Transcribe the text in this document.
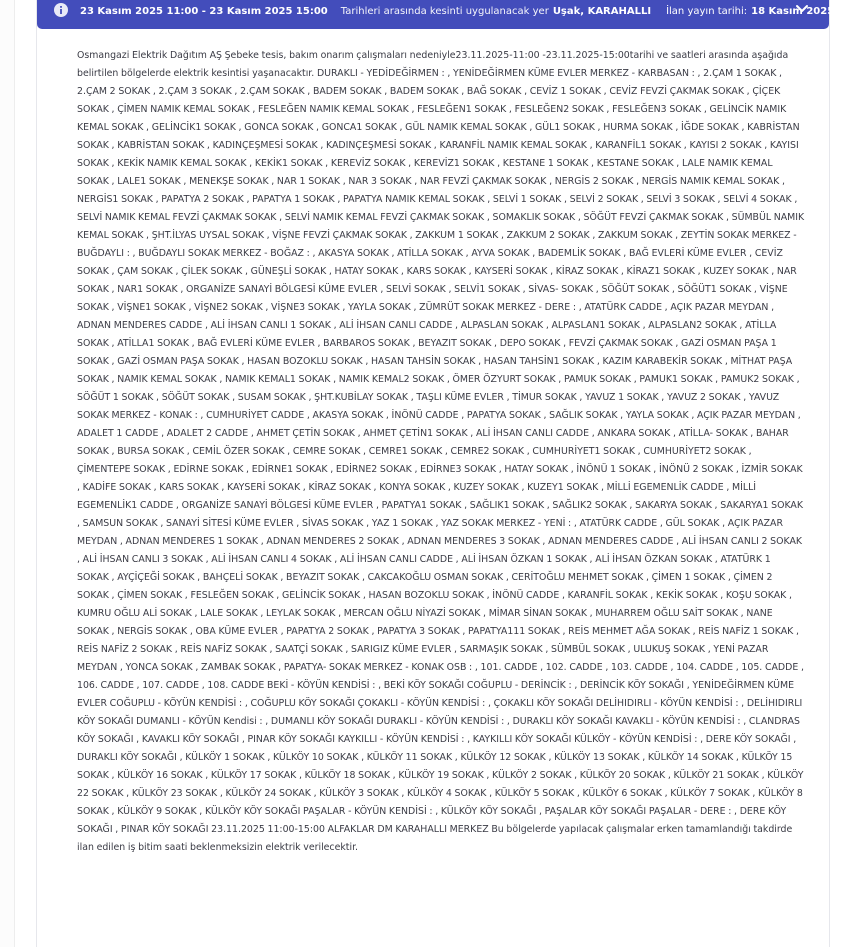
23 Kasım 2025 11:00 - 23 Kasım 2025 15:00 Tarihleri arasında kesinti uygulanacak yer Uşak, KARAHALLI İlan yayın tarihi: 18 Kasım 2025

Osmangazi Elektrik Dağıtım AŞ Şebeke tesis, bakım onarım çalışmaları nedeniyle23.11.2025-11:00 -23.11.2025-15:00tarihi ve saatleri arasında aşağıda belirtilen bölgelerde elektrik kesintisi yaşanacaktır. DURAKLI - YEDİDEĞİRMEN : , YENİDEĞİRMEN KÜME EVLER MERKEZ - KARBASAN : , 2.ÇAM 1 SOKAK , 2.ÇAM 2 SOKAK , 2.ÇAM 3 SOKAK , 2.ÇAM SOKAK , BADEM SOKAK , BADEM SOKAK , BAĞ SOKAK , CEVİZ 1 SOKAK , CEVİZ FEVZİ ÇAKMAK SOKAK , ÇİÇEK SOKAK , ÇİMEN NAMIK KEMAL SOKAK , FESLEĞEN NAMIK KEMAL SOKAK , FESLEĞEN1 SOKAK , FESLEĞEN2 SOKAK , FESLEĞEN3 SOKAK , GELİNCİK NAMIK KEMAL SOKAK , GELİNCİK1 SOKAK , GONCA SOKAK , GONCA1 SOKAK , GÜL NAMIK KEMAL SOKAK , GÜL1 SOKAK , HURMA SOKAK , İĞDE SOKAK , KABRİSTAN SOKAK , KABRİSTAN SOKAK , KADINÇEŞMESİ SOKAK , KADINÇEŞMESİ SOKAK , KARANFİL NAMIK KEMAL SOKAK , KARANFİL1 SOKAK , KAYISI 2 SOKAK , KAYISI SOKAK , KEKİK NAMIK KEMAL SOKAK , KEKİK1 SOKAK , KEREVİZ SOKAK , KEREVİZ1 SOKAK , KESTANE 1 SOKAK , KESTANE SOKAK , LALE NAMIK KEMAL SOKAK , LALE1 SOKAK , MENEKŞE SOKAK , NAR 1 SOKAK , NAR 3 SOKAK , NAR FEVZİ ÇAKMAK SOKAK , NERGİS 2 SOKAK , NERGİS NAMIK KEMAL SOKAK , NERGİS1 SOKAK , PAPATYA 2 SOKAK , PAPATYA 1 SOKAK , PAPATYA NAMIK KEMAL SOKAK , SELVİ 1 SOKAK , SELVİ 2 SOKAK , SELVİ 3 SOKAK , SELVİ 4 SOKAK , SELVİ NAMIK KEMAL FEVZİ ÇAKMAK SOKAK , SELVİ NAMIK KEMAL FEVZİ ÇAKMAK SOKAK , SOMAKLIK SOKAK , SÖĞÜT FEVZİ ÇAKMAK SOKAK , SÜMBÜL NAMIK KEMAL SOKAK , ŞHT.İLYAS UYSAL SOKAK , VİŞNE FEVZİ ÇAKMAK SOKAK , ZAKKUM 1 SOKAK , ZAKKUM 2 SOKAK , ZAKKUM SOKAK , ZEYTİN SOKAK MERKEZ - BUĞDAYLI : , BUĞDAYLI SOKAK MERKEZ - BOĞAZ : , AKASYA SOKAK , ATİLLA SOKAK , AYVA SOKAK , BADEMLİK SOKAK , BAĞ EVLERİ KÜME EVLER , CEVİZ SOKAK , ÇAM SOKAK , ÇİLEK SOKAK , GÜNEŞLİ SOKAK , HATAY SOKAK , KARS SOKAK , KAYSERİ SOKAK , KİRAZ SOKAK , KİRAZ1 SOKAK , KUZEY SOKAK , NAR SOKAK , NAR1 SOKAK , ORGANİZE SANAYİ BÖLGESİ KÜME EVLER , SELVİ SOKAK , SELVİ1 SOKAK , SİVAS- SOKAK , SÖĞÜT SOKAK , SÖĞÜT1 SOKAK , VİŞNE SOKAK , VİŞNE1 SOKAK , VİŞNE2 SOKAK , VİŞNE3 SOKAK , YAYLA SOKAK , ZÜMRÜT SOKAK MERKEZ - DERE : , ATATÜRK CADDE , AÇIK PAZAR MEYDAN , ADNAN MENDERES CADDE , ALİ İHSAN CANLI 1 SOKAK , ALİ İHSAN CANLI CADDE , ALPASLAN SOKAK , ALPASLAN1 SOKAK , ALPASLAN2 SOKAK , ATİLLA SOKAK , ATİLLA1 SOKAK , BAĞ EVLERİ KÜME EVLER , BARBAROS SOKAK , BEYAZIT SOKAK , DEPO SOKAK , FEVZİ ÇAKMAK SOKAK , GAZİ OSMAN PAŞA 1 SOKAK , GAZİ OSMAN PAŞA SOKAK , HASAN BOZOKLU SOKAK , HASAN TAHSİN SOKAK , HASAN TAHSİN1 SOKAK , KAZIM KARABEKİR SOKAK , MİTHAT PAŞA SOKAK , NAMIK KEMAL SOKAK , NAMIK KEMAL1 SOKAK , NAMIK KEMAL2 SOKAK , ÖMER ÖZYURT SOKAK , PAMUK SOKAK , PAMUK1 SOKAK , PAMUK2 SOKAK , SÖĞÜT 1 SOKAK , SÖĞÜT SOKAK , SUSAM SOKAK , ŞHT.KUBİLAY SOKAK , TAŞLI KÜME EVLER , TİMUR SOKAK , YAVUZ 1 SOKAK , YAVUZ 2 SOKAK , YAVUZ SOKAK MERKEZ - KONAK : , CUMHURİYET CADDE , AKASYA SOKAK , İNÖNÜ CADDE , PAPATYA SOKAK , SAĞLIK SOKAK , YAYLA SOKAK , AÇIK PAZAR MEYDAN , ADALET 1 CADDE , ADALET 2 CADDE , AHMET ÇETİN SOKAK , AHMET ÇETİN1 SOKAK , ALİ İHSAN CANLI CADDE , ANKARA SOKAK , ATİLLA- SOKAK , BAHAR SOKAK , BURSA SOKAK , CEMİL ÖZER SOKAK , CEMRE SOKAK , CEMRE1 SOKAK , CEMRE2 SOKAK , CUMHURİYET1 SOKAK , CUMHURİYET2 SOKAK , ÇİMENTEPE SOKAK , EDİRNE SOKAK , EDİRNE1 SOKAK , EDİRNE2 SOKAK , EDİRNE3 SOKAK , HATAY SOKAK , İNÖNÜ 1 SOKAK , İNÖNÜ 2 SOKAK , İZMİR SOKAK , KADİFE SOKAK , KARS SOKAK , KAYSERİ SOKAK , KİRAZ SOKAK , KONYA SOKAK , KUZEY SOKAK , KUZEY1 SOKAK , MİLLİ EGEMENLİK CADDE , MİLLİ EGEMENLİK1 CADDE , ORGANİZE SANAYİ BÖLGESİ KÜME EVLER , PAPATYA1 SOKAK , SAĞLIK1 SOKAK , SAĞLIK2 SOKAK , SAKARYA SOKAK , SAKARYA1 SOKAK , SAMSUN SOKAK , SANAYİ SİTESİ KÜME EVLER , SİVAS SOKAK , YAZ 1 SOKAK , YAZ SOKAK MERKEZ - YENİ : , ATATÜRK CADDE , GÜL SOKAK , AÇIK PAZAR MEYDAN , ADNAN MENDERES 1 SOKAK , ADNAN MENDERES 2 SOKAK , ADNAN MENDERES 3 SOKAK , ADNAN MENDERES CADDE , ALİ İHSAN CANLI 2 SOKAK , ALİ İHSAN CANLI 3 SOKAK , ALİ İHSAN CANLI 4 SOKAK , ALİ İHSAN CANLI CADDE , ALİ İHSAN ÖZKAN 1 SOKAK , ALİ İHSAN ÖZKAN SOKAK , ATATÜRK 1 SOKAK , AYÇİÇEĞİ SOKAK , BAHÇELİ SOKAK , BEYAZIT SOKAK , CAKCAKOĞLU OSMAN SOKAK , CERİTOĞLU MEHMET SOKAK , ÇİMEN 1 SOKAK , ÇİMEN 2 SOKAK , ÇİMEN SOKAK , FESLEĞEN SOKAK , GELİNCİK SOKAK , HASAN BOZOKLU SOKAK , İNÖNÜ CADDE , KARANFİL SOKAK , KEKİK SOKAK , KOŞU SOKAK , KUMRU OĞLU ALİ SOKAK , LALE SOKAK , LEYLAK SOKAK , MERCAN OĞLU NİYAZİ SOKAK , MİMAR SİNAN SOKAK , MUHARREM OĞLU SAİT SOKAK , NANE SOKAK , NERGİS SOKAK , OBA KÜME EVLER , PAPATYA 2 SOKAK , PAPATYA 3 SOKAK , PAPATYA111 SOKAK , REİS MEHMET AĞA SOKAK , REİS NAFİZ 1 SOKAK , REİS NAFİZ 2 SOKAK , REİS NAFİZ SOKAK , SAATÇİ SOKAK , SARIGIZ KÜME EVLER , SARMAŞIK SOKAK , SÜMBÜL SOKAK , ULUKUŞ SOKAK , YENİ PAZAR MEYDAN , YONCA SOKAK , ZAMBAK SOKAK , PAPATYA- SOKAK MERKEZ - KONAK OSB : , 101. CADDE , 102. CADDE , 103. CADDE , 104. CADDE , 105. CADDE , 106. CADDE , 107. CADDE , 108. CADDE BEKİ - KÖYÜN KENDİSİ : , BEKİ KÖY SOKAĞI COĞUPLU - DERİNCİK : , DERİNCİK KÖY SOKAĞI , YENİDEĞİRMEN KÜME EVLER COĞUPLU - KÖYÜN KENDİSİ : , COĞUPLU KÖY SOKAĞI ÇOKAKLI - KÖYÜN KENDİSİ : , ÇOKAKLI KÖY SOKAĞI DELİHIDIRLI - KÖYÜN KENDİSİ : , DELİHIDIRLI KÖY SOKAĞI DUMANLI - KÖYÜN Kendisi : , DUMANLI KÖY SOKAĞI DURAKLI - KÖYÜN KENDİSİ : , DURAKLI KÖY SOKAĞI KAVAKLI - KÖYÜN KENDİSİ : , CLANDRAS KÖY SOKAĞI , KAVAKLI KÖY SOKAĞI , PINAR KÖY SOKAĞI KAYKILLI - KÖYÜN KENDİSİ : , KAYKILLI KÖY SOKAĞI KÜLKÖY - KÖYÜN KENDİSİ : , DERE KÖY SOKAĞI , DURAKLI KÖY SOKAĞI , KÜLKÖY 1 SOKAK , KÜLKÖY 10 SOKAK , KÜLKÖY 11 SOKAK , KÜLKÖY 12 SOKAK , KÜLKÖY 13 SOKAK , KÜLKÖY 14 SOKAK , KÜLKÖY 15 SOKAK , KÜLKÖY 16 SOKAK , KÜLKÖY 17 SOKAK , KÜLKÖY 18 SOKAK , KÜLKÖY 19 SOKAK , KÜLKÖY 2 SOKAK , KÜLKÖY 20 SOKAK , KÜLKÖY 21 SOKAK , KÜLKÖY 22 SOKAK , KÜLKÖY 23 SOKAK , KÜLKÖY 24 SOKAK , KÜLKÖY 3 SOKAK , KÜLKÖY 4 SOKAK , KÜLKÖY 5 SOKAK , KÜLKÖY 6 SOKAK , KÜLKÖY 7 SOKAK , KÜLKÖY 8 SOKAK , KÜLKÖY 9 SOKAK , KÜLKÖY KÖY SOKAĞI PAŞALAR - KÖYÜN KENDİSİ : , KÜLKÖY KÖY SOKAĞI , PAŞALAR KÖY SOKAĞI PAŞALAR - DERE : , DERE KÖY SOKAĞI , PINAR KÖY SOKAĞI 23.11.2025 11:00-15:00 ALFAKLAR DM KARAHALLI MERKEZ Bu bölgelerde yapılacak çalışmalar erken tamamlandığı takdirde ilan edilen iş bitim saati beklenmeksizin elektrik verilecektir.
